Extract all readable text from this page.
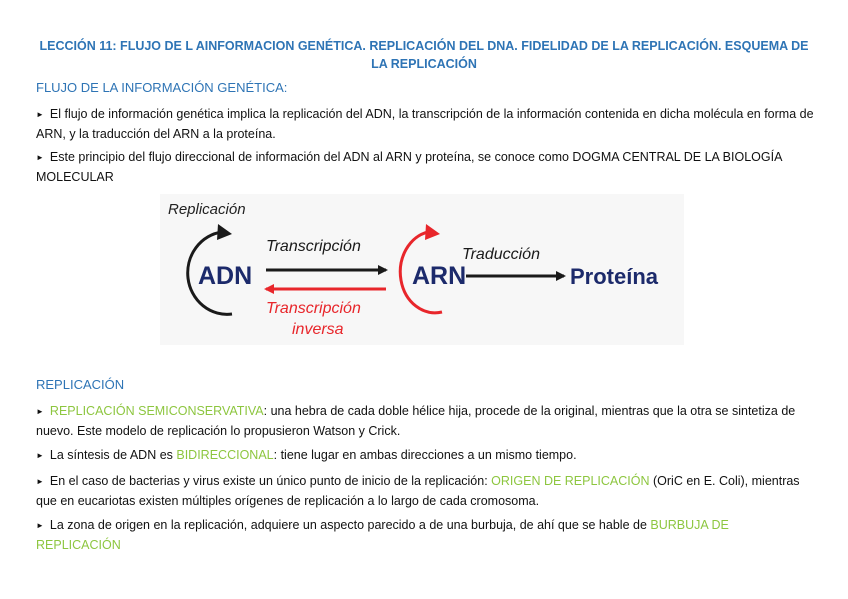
LECCIÓN 11: FLUJO DE L AINFORMACION GENÉTICA. REPLICACIÓN DEL DNA. FIDELIDAD DE LA REPLICACIÓN. ESQUEMA DE LA REPLICACIÓN
FLUJO DE LA INFORMACIÓN GENÉTICA:
► El flujo de información genética implica la replicación del ADN, la transcripción de la información contenida en dicha molécula en forma de ARN, y la traducción del ARN a la proteína.
► Este principio del flujo direccional de información del ADN al ARN y proteína, se conoce como DOGMA CENTRAL DE LA BIOLOGÍA MOLECULAR
Replicación
ADN
Transcripción
Transcripción
inversa
ARN
Traducción
Proteína
REPLICACIÓN
► REPLICACIÓN SEMICONSERVATIVA: una hebra de cada doble hélice hija, procede de la original, mientras que la otra se sintetiza de nuevo. Este modelo de replicación lo propusieron Watson y Crick.
► La síntesis de ADN es BIDIRECCIONAL: tiene lugar en ambas direcciones a un mismo tiempo.
► En el caso de bacterias y virus existe un único punto de inicio de la replicación: ORIGEN DE REPLICACIÓN (OriC en E. Coli), mientras que en eucariotas existen múltiples orígenes de replicación a lo largo de cada cromosoma.
► La zona de origen en la replicación, adquiere un aspecto parecido a de una burbuja, de ahí que se hable de BURBUJA DE REPLICACIÓN
